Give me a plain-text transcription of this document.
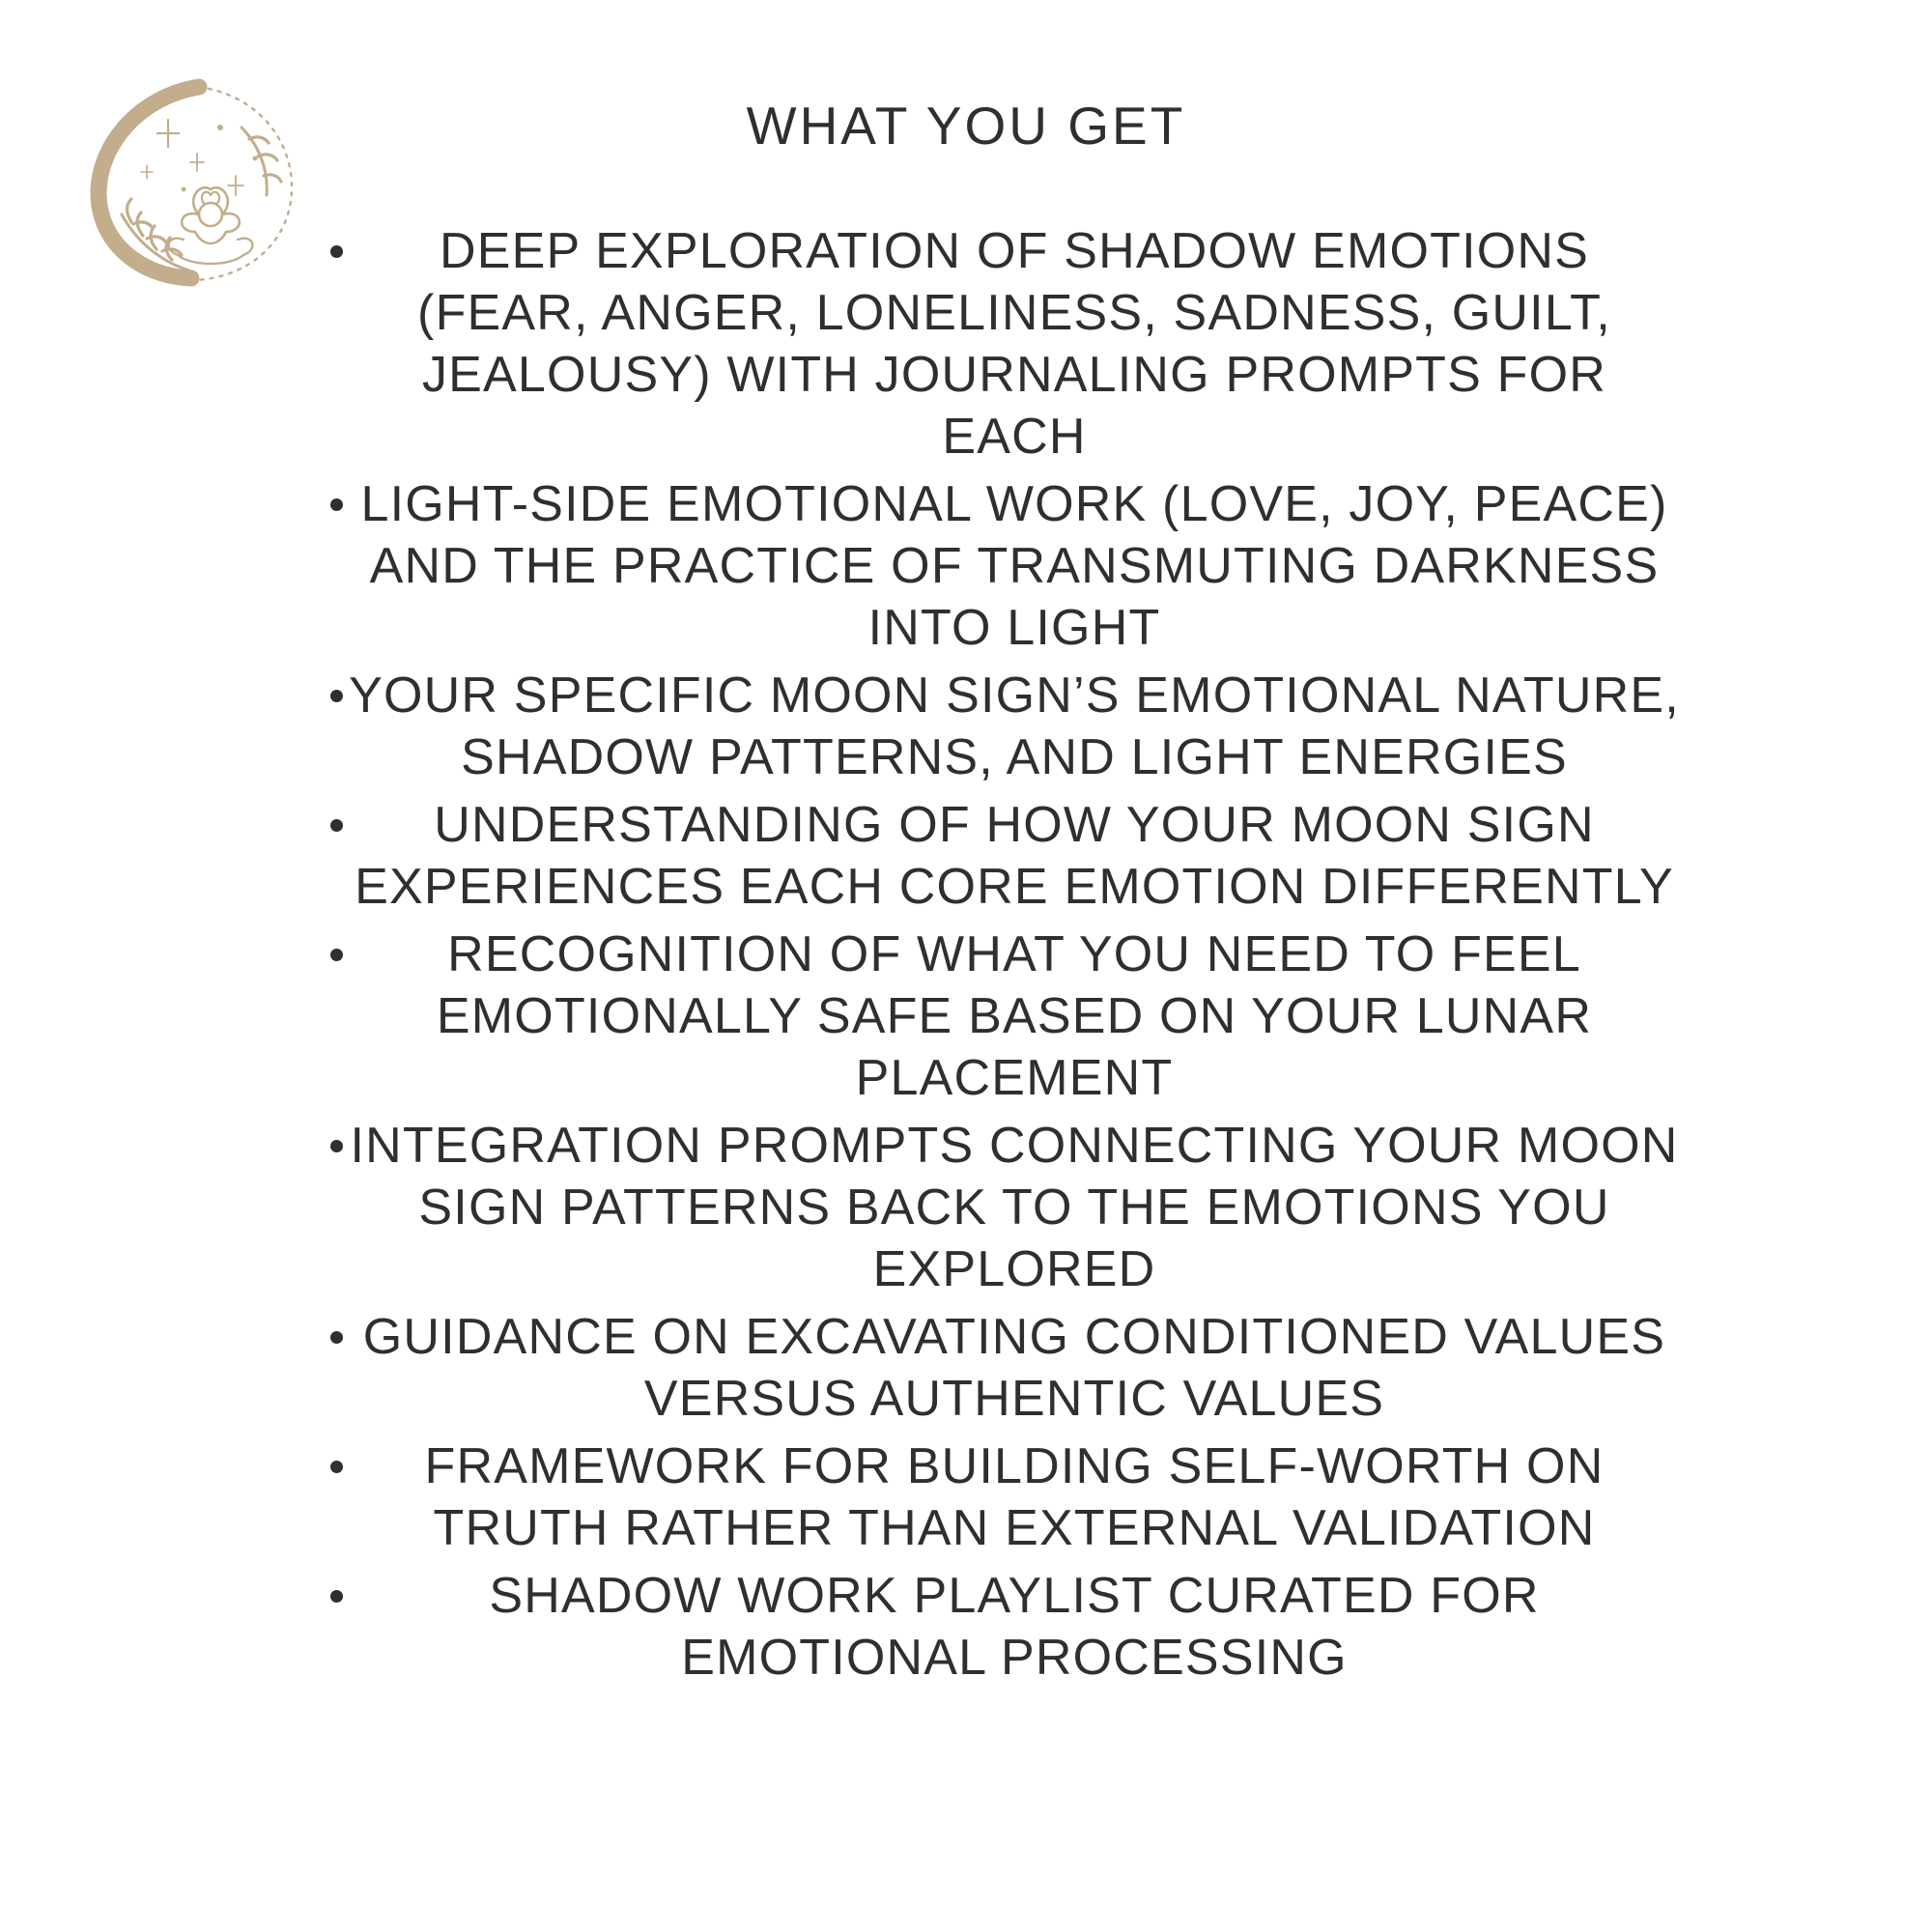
WHAT YOU GET
DEEP EXPLORATION OF SHADOW EMOTIONS (FEAR, ANGER, LONELINESS, SADNESS, GUILT, JEALOUSY) WITH JOURNALING PROMPTS FOR EACH
LIGHT-SIDE EMOTIONAL WORK (LOVE, JOY, PEACE) AND THE PRACTICE OF TRANSMUTING DARKNESS INTO LIGHT
YOUR SPECIFIC MOON SIGN’S EMOTIONAL NATURE, SHADOW PATTERNS, AND LIGHT ENERGIES
UNDERSTANDING OF HOW YOUR MOON SIGN EXPERIENCES EACH CORE EMOTION DIFFERENTLY
RECOGNITION OF WHAT YOU NEED TO FEEL EMOTIONALLY SAFE BASED ON YOUR LUNAR PLACEMENT
INTEGRATION PROMPTS CONNECTING YOUR MOON SIGN PATTERNS BACK TO THE EMOTIONS YOU EXPLORED
GUIDANCE ON EXCAVATING CONDITIONED VALUES VERSUS AUTHENTIC VALUES
FRAMEWORK FOR BUILDING SELF-WORTH ON TRUTH RATHER THAN EXTERNAL VALIDATION
SHADOW WORK PLAYLIST CURATED FOR EMOTIONAL PROCESSING
